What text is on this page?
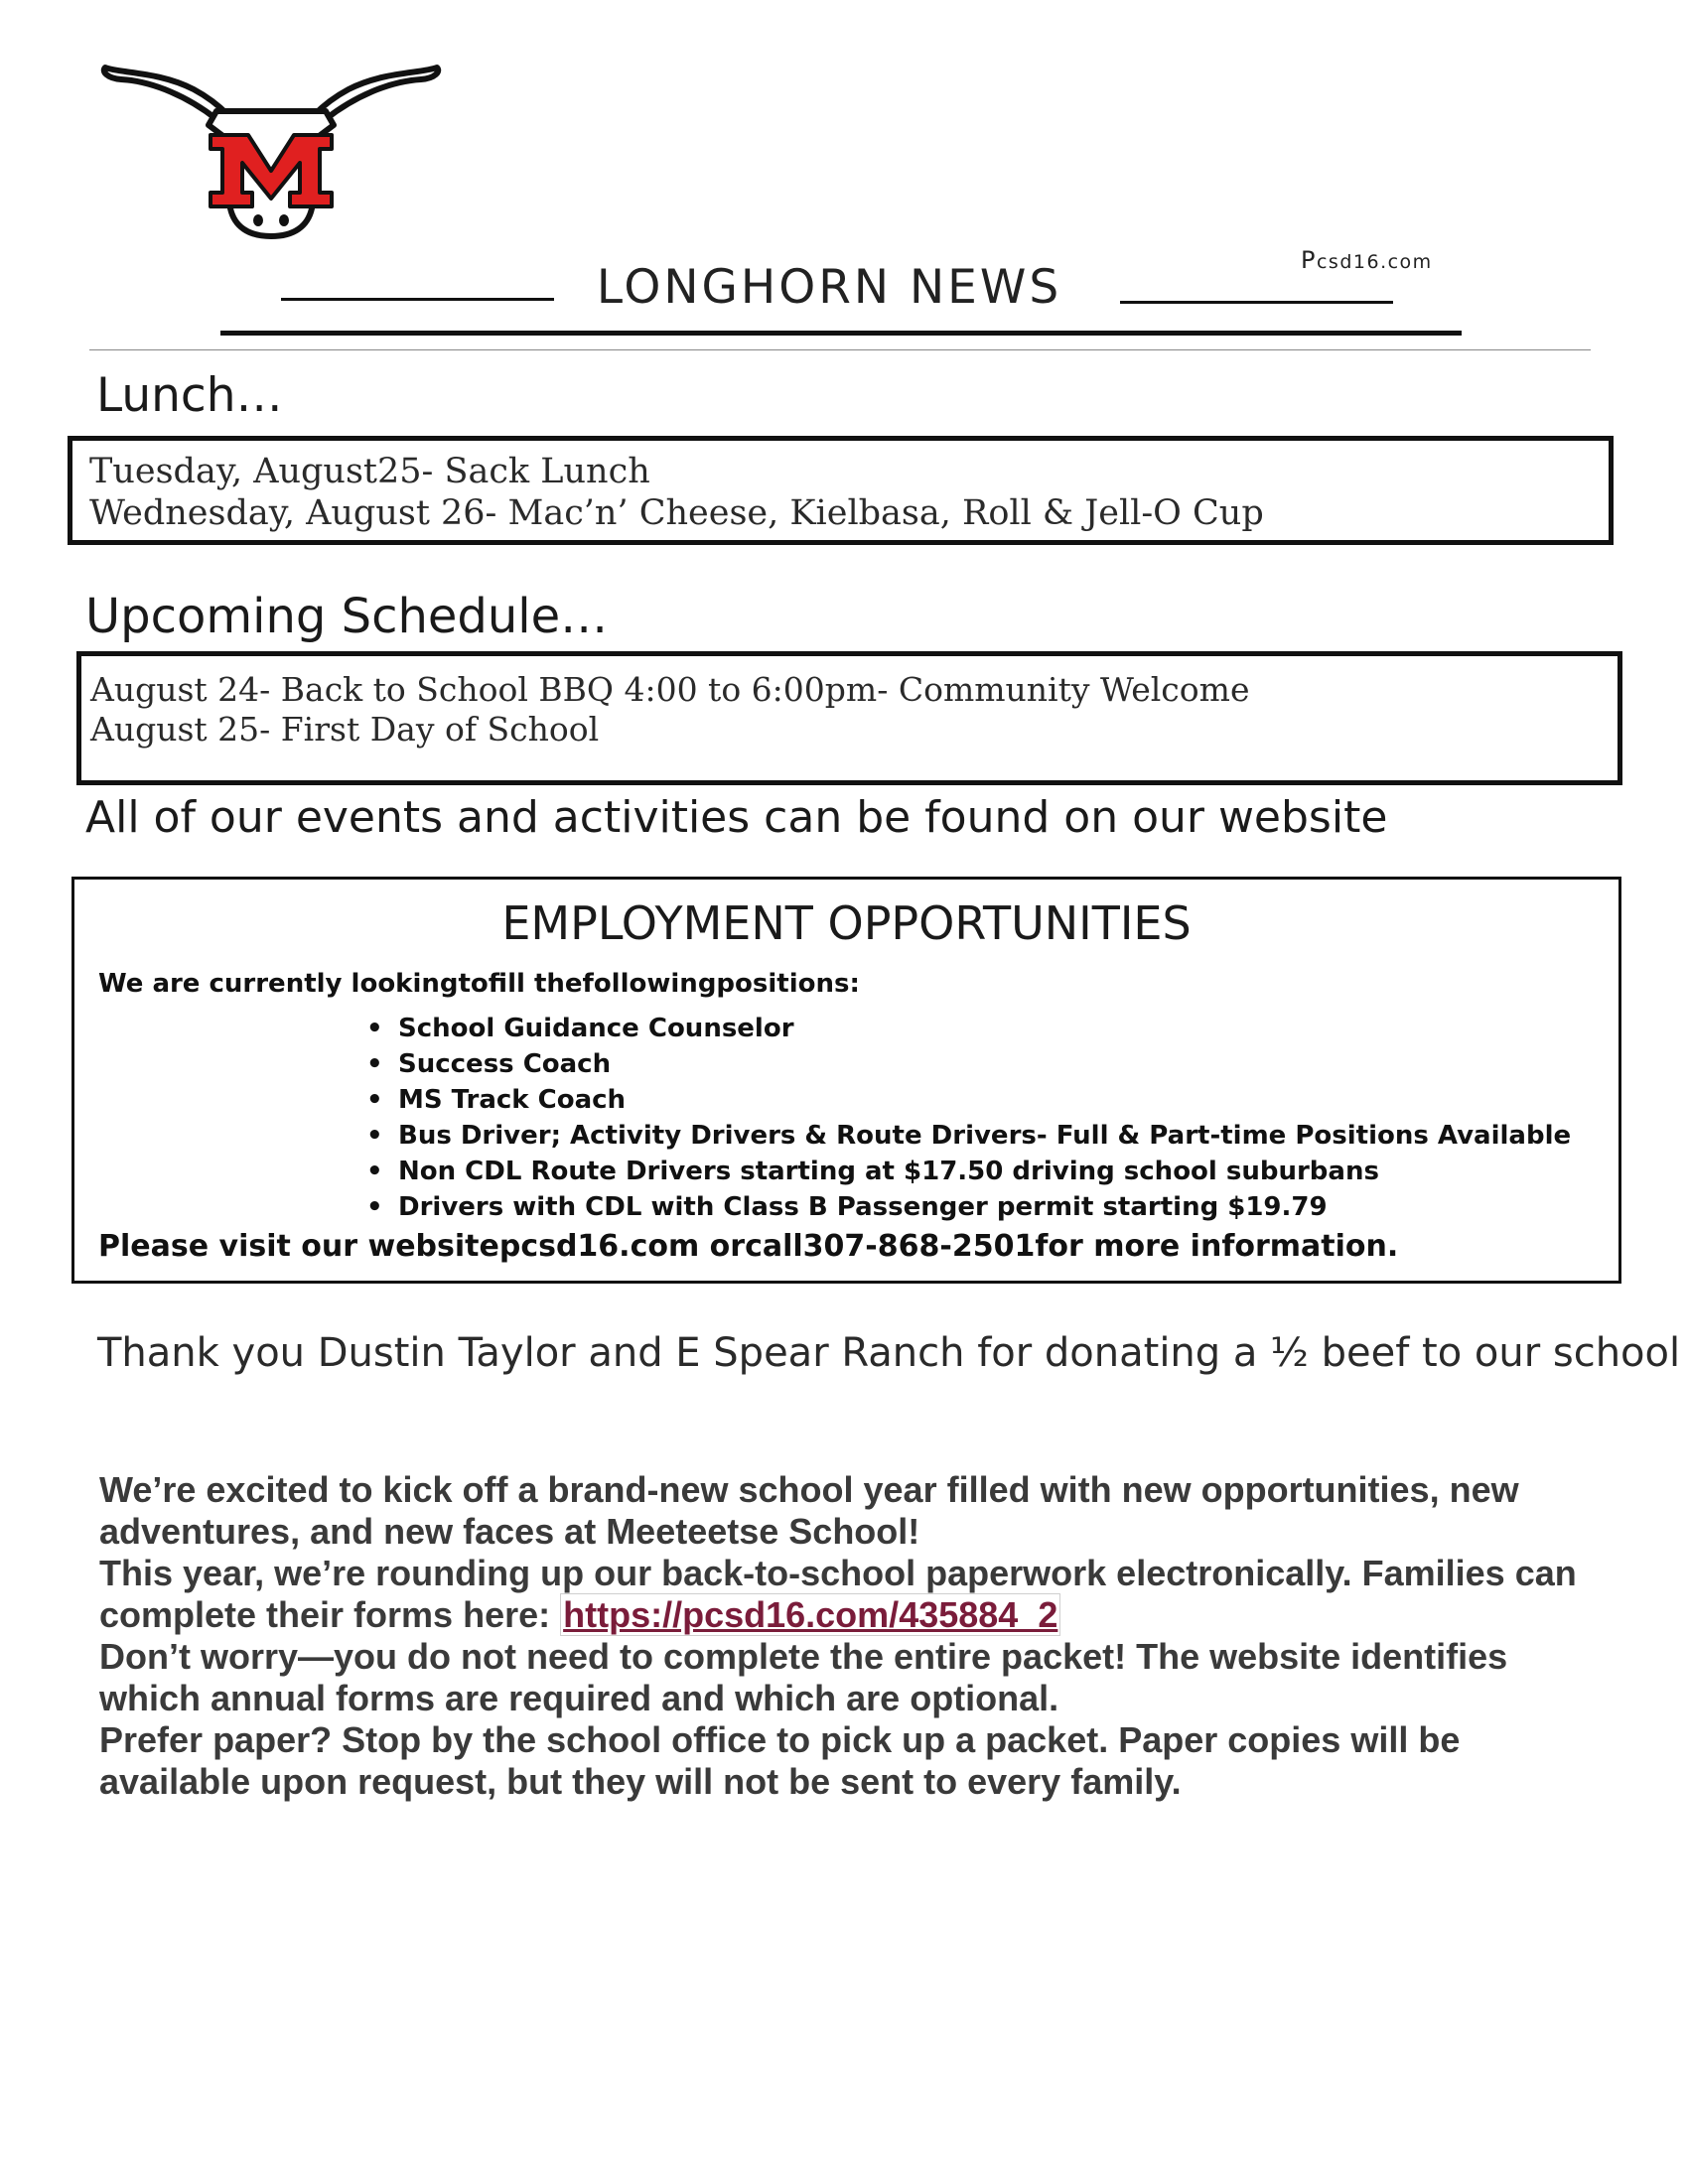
M
Pcsd16.com
LONGHORN NEWS
Lunch…
Tuesday, August25- Sack Lunch
Wednesday, August 26- Mac’n’ Cheese, Kielbasa, Roll & Jell-O Cup
Upcoming Schedule…
August 24- Back to School BBQ 4:00 to 6:00pm- Community Welcome
August 25- First Day of School
All of our events and activities can be found on our website
EMPLOYMENT OPPORTUNITIES
We are currently lookingtofill thefollowingpositions:
• School Guidance Counselor
• Success Coach
• MS Track Coach
• Bus Driver; Activity Drivers & Route Drivers- Full & Part-time Positions Available
• Non CDL Route Drivers starting at $17.50 driving school suburbans
• Drivers with CDL with Class B Passenger permit starting $19.79
Please visit our websitepcsd16.com orcall307-868-2501for more information.
Thank you Dustin Taylor and E Spear Ranch for donating a ½ beef to our school

We’re excited to kick off a brand-new school year filled with new opportunities, new adventures, and new faces at Meeteetse School!

This year, we’re rounding up our back-to-school paperwork electronically. Families can complete their forms here: https://pcsd16.com/435884_2

Don’t worry—you do not need to complete the entire packet! The website identifies which annual forms are required and which are optional.

Prefer paper? Stop by the school office to pick up a packet. Paper copies will be available upon request, but they will not be sent to every family.
